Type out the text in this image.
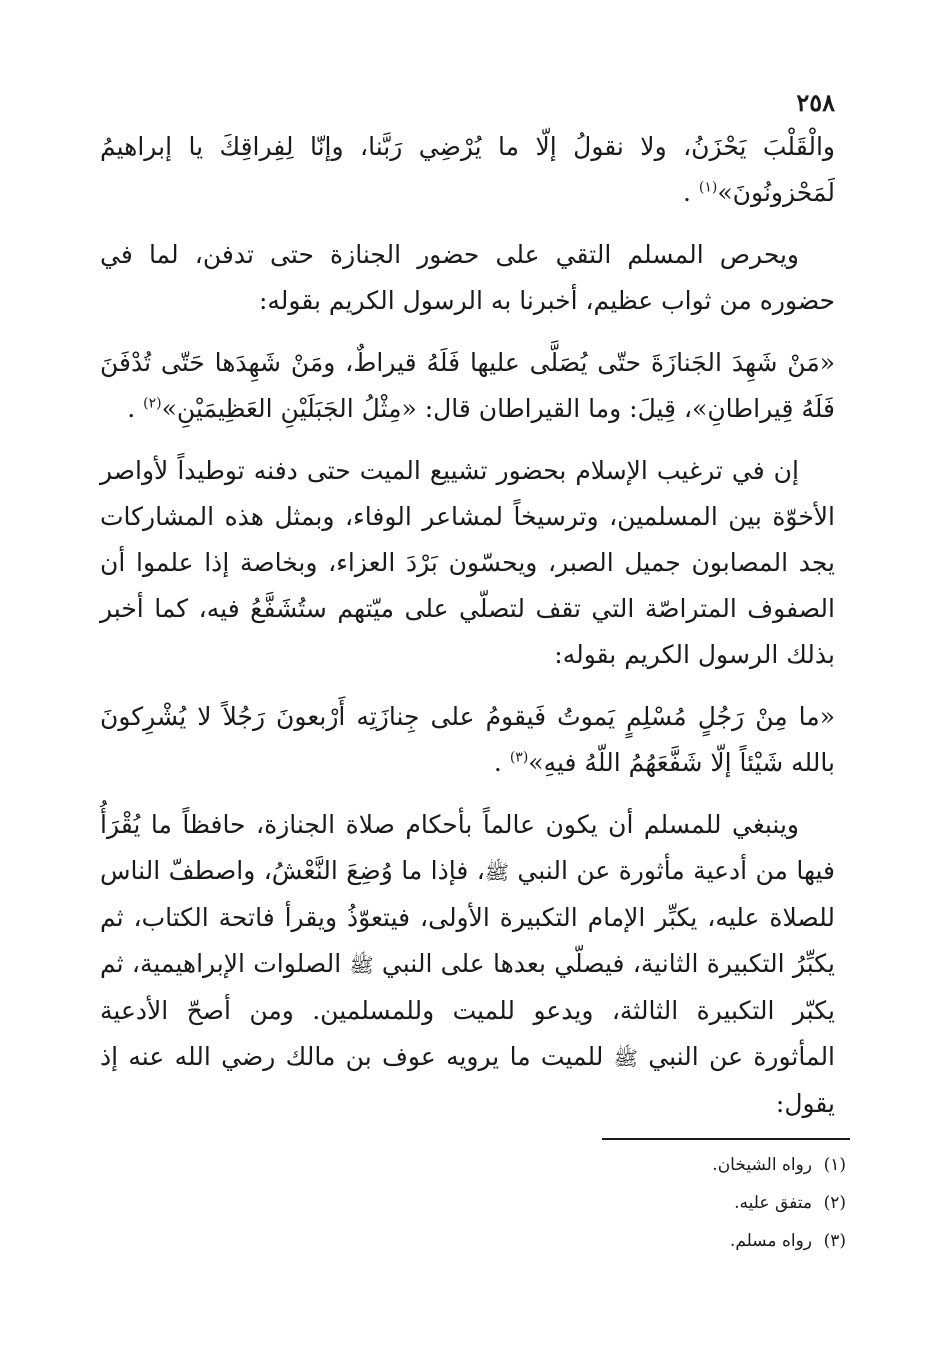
٢٥٨

والْقَلْبَ يَحْزَنُ، ولا نقولُ إلّا ما يُرْضِي رَبَّنا، وإنّا لِفِراقِكَ يا إبراهيمُ لَمَحْزونُونَ»$^{(١)}$ .

ويحرص المسلم التقي على حضور الجنازة حتى تدفن، لما في حضوره من ثواب عظيم، أخبرنا به الرسول الكريم بقوله:

«مَنْ شَهِدَ الجَنازَةَ حتّى يُصَلَّى عليها فَلَهُ قيراطٌ، ومَنْ شَهِدَها حَتّى تُدْفَنَ فَلَهُ قِيراطانِ»، قِيلَ: وما القيراطان قال: «مِثْلُ الجَبَلَيْنِ العَظِيمَيْنِ»$^{(٢)}$ .

إن في ترغيب الإسلام بحضور تشييع الميت حتى دفنه توطيداً لأواصر الأخوّة بين المسلمين، وترسيخاً لمشاعر الوفاء، وبمثل هذه المشاركات يجد المصابون جميل الصبر، ويحسّون بَرْدَ العزاء، وبخاصة إذا علموا أن الصفوف المتراصّة التي تقف لتصلّي على ميّتهم ستُشَفَّعُ فيه، كما أخبر بذلك الرسول الكريم بقوله:

«ما مِنْ رَجُلٍ مُسْلِمٍ يَموتُ فَيقومُ على جِنازَتِه أَرْبعونَ رَجُلاً لا يُشْرِكونَ بالله شَيْئاً إلّا شَفَّعَهُمُ اللّهُ فيهِ»$^{(٣)}$ .

وينبغي للمسلم أن يكون عالماً بأحكام صلاة الجنازة، حافظاً ما يُقْرَأُ فيها من أدعية مأثورة عن النبي ﷺ، فإذا ما وُضِعَ النَّعْشُ، واصطفّ الناس للصلاة عليه، يكبِّر الإمام التكبيرة الأولى، فيتعوّذُ ويقرأ فاتحة الكتاب، ثم يكبِّرُ التكبيرة الثانية، فيصلّي بعدها على النبي ﷺ الصلوات الإبراهيمية، ثم يكبّر التكبيرة الثالثة، ويدعو للميت وللمسلمين. ومن أصحّ الأدعية المأثورة عن النبي ﷺ للميت ما يرويه عوف بن مالك رضي الله عنه إذ يقول:

(١)رواه الشيخان.
(٢)متفق عليه.
(٣)رواه مسلم.
